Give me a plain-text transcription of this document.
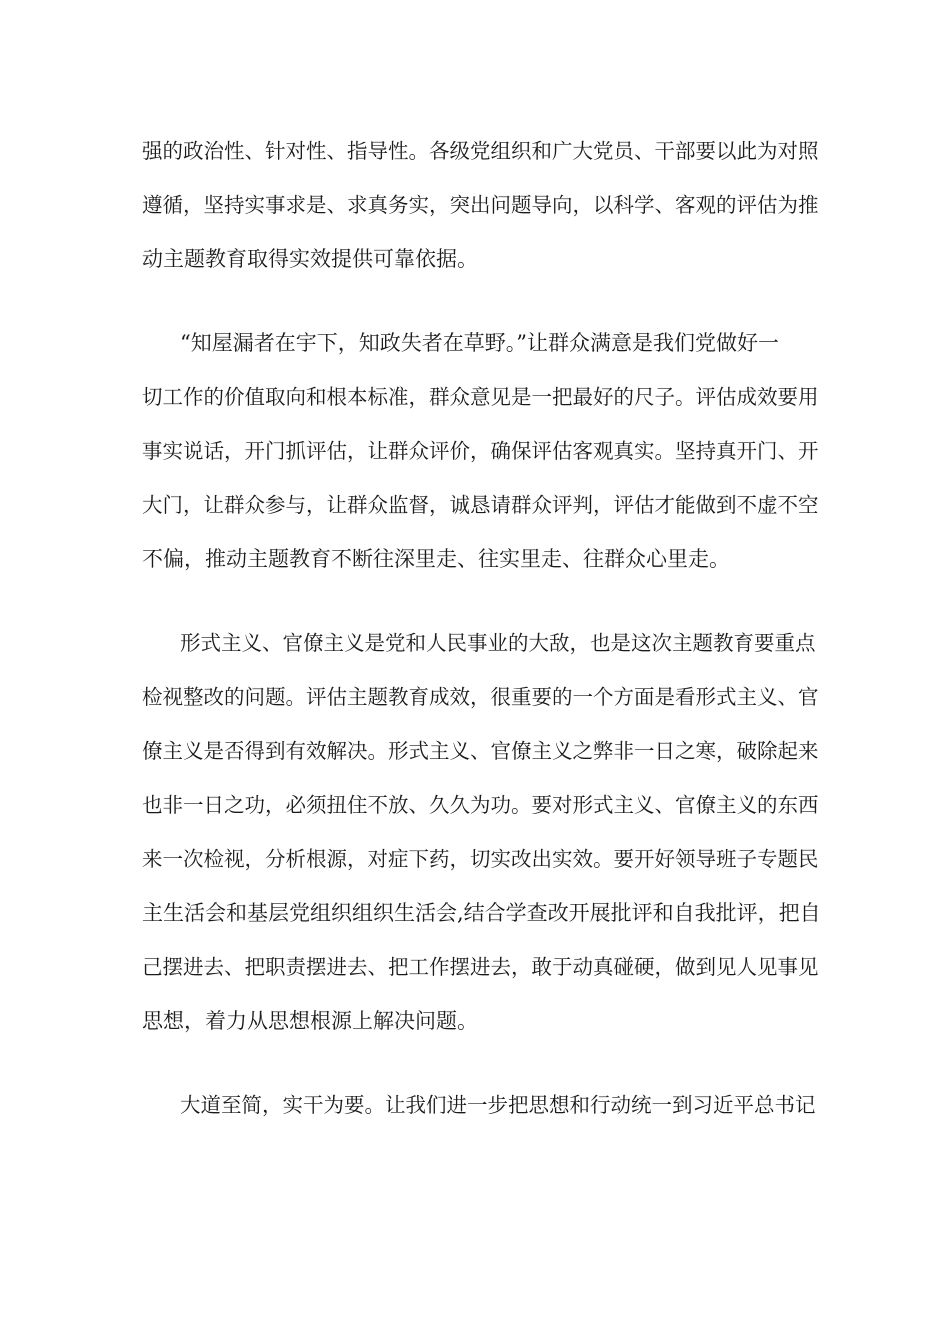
强的政治性、针对性、指导性。各级党组织和广大党员、干部要以此为对照
遵循，坚持实事求是、求真务实，突出问题导向，以科学、客观的评估为推
动主题教育取得实效提供可靠依据。
“知屋漏者在宇下，知政失者在草野。”让群众满意是我们党做好一
切工作的价值取向和根本标准，群众意见是一把最好的尺子。评估成效要用
事实说话，开门抓评估，让群众评价，确保评估客观真实。坚持真开门、开
大门，让群众参与，让群众监督，诚恳请群众评判，评估才能做到不虚不空
不偏，推动主题教育不断往深里走、往实里走、往群众心里走。
形式主义、官僚主义是党和人民事业的大敌，也是这次主题教育要重点
检视整改的问题。评估主题教育成效，很重要的一个方面是看形式主义、官
僚主义是否得到有效解决。形式主义、官僚主义之弊非一日之寒，破除起来
也非一日之功，必须扭住不放、久久为功。要对形式主义、官僚主义的东西
来一次检视，分析根源，对症下药，切实改出实效。要开好领导班子专题民
主生活会和基层党组织组织生活会,结合学查改开展批评和自我批评，把自
己摆进去、把职责摆进去、把工作摆进去，敢于动真碰硬，做到见人见事见
思想，着力从思想根源上解决问题。
大道至简，实干为要。让我们进一步把思想和行动统一到习近平总书记
